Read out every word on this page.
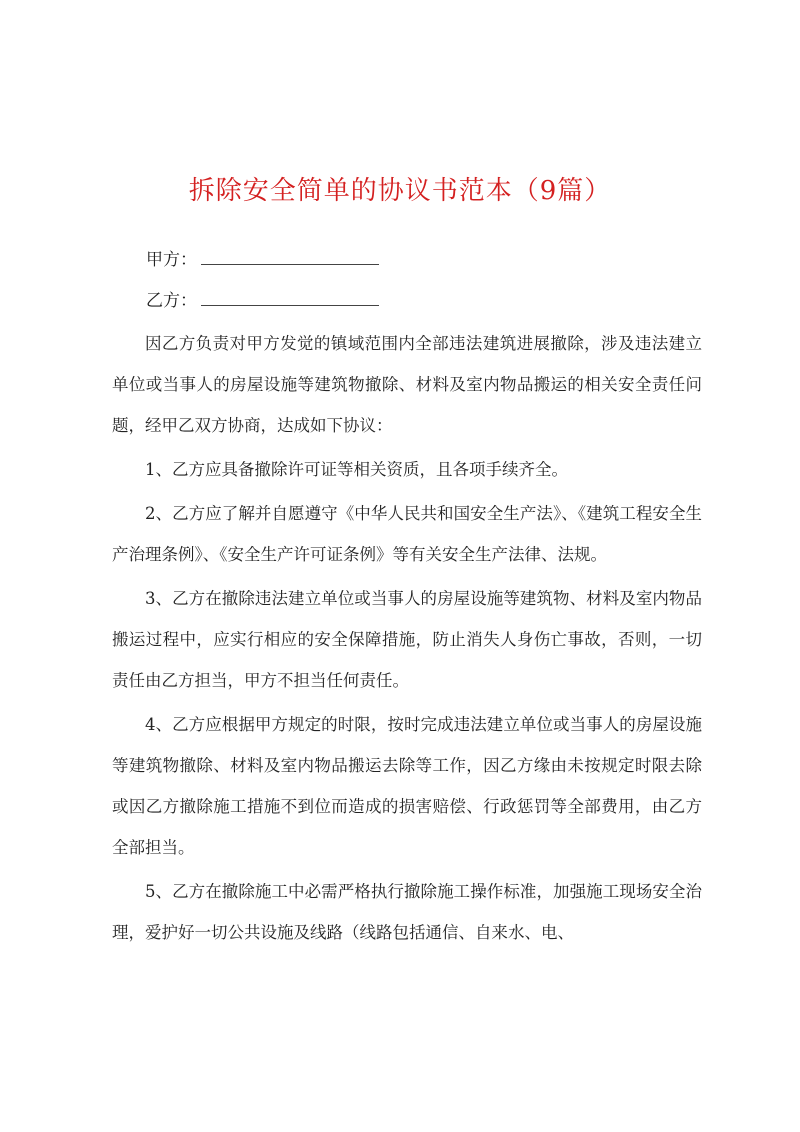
拆除安全简单的协议书范本（9篇）
甲方：
乙方：

因乙方负责对甲方发觉的镇域范围内全部违法建筑进展撤除，涉及违法建立单位或当事人的房屋设施等建筑物撤除、材料及室内物品搬运的相关安全责任问题，经甲乙双方协商，达成如下协议：

1、乙方应具备撤除许可证等相关资质，且各项手续齐全。

2、乙方应了解并自愿遵守《中华人民共和国安全生产法》、《建筑工程安全生产治理条例》、《安全生产许可证条例》等有关安全生产法律、法规。

3、乙方在撤除违法建立单位或当事人的房屋设施等建筑物、材料及室内物品搬运过程中，应实行相应的安全保障措施，防止消失人身伤亡事故，否则，一切责任由乙方担当，甲方不担当任何责任。

4、乙方应根据甲方规定的时限，按时完成违法建立单位或当事人的房屋设施等建筑物撤除、材料及室内物品搬运去除等工作，因乙方缘由未按规定时限去除或因乙方撤除施工措施不到位而造成的损害赔偿、行政惩罚等全部费用，由乙方全部担当。

5、乙方在撤除施工中必需严格执行撤除施工操作标准，加强施工现场安全治理，爱护好一切公共设施及线路（线路包括通信、自来水、电、
